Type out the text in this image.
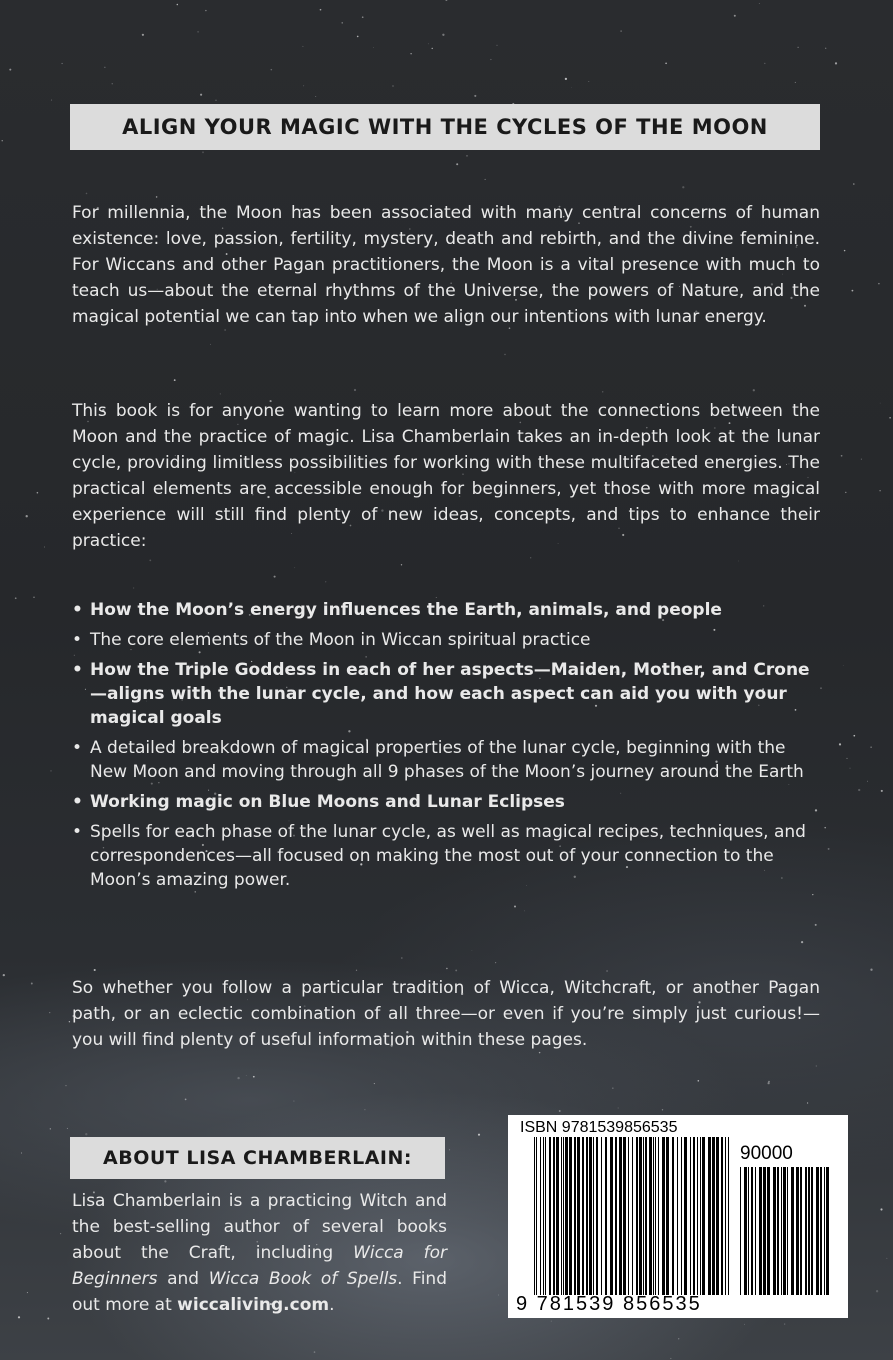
ALIGN YOUR MAGIC WITH THE CYCLES OF THE MOON

For millennia, the Moon has been associated with many central concerns of human existence: love, passion, fertility, mystery, death and rebirth, and the divine feminine. For Wiccans and other Pagan practitioners, the Moon is a vital presence with much to teach us—about the eternal rhythms of the Universe, the powers of Nature, and the magical potential we can tap into when we align our intentions with lunar energy.

This book is for anyone wanting to learn more about the connections between the Moon and the practice of magic. Lisa Chamberlain takes an in-depth look at the lunar cycle, providing limitless possibilities for working with these multifaceted energies. The practical elements are accessible enough for beginners, yet those with more magical experience will still find plenty of new ideas, concepts, and tips to enhance their practice:

• How the Moon’s energy influences the Earth, animals, and people
• The core elements of the Moon in Wiccan spiritual practice
• How the Triple Goddess in each of her aspects—Maiden, Mother, and Crone—aligns with the lunar cycle, and how each aspect can aid you with your magical goals
• A detailed breakdown of magical properties of the lunar cycle, beginning with the New Moon and moving through all 9 phases of the Moon’s journey around the Earth
• Working magic on Blue Moons and Lunar Eclipses
• Spells for each phase of the lunar cycle, as well as magical recipes, techniques, and correspondences—all focused on making the most out of your connection to the Moon’s amazing power.

So whether you follow a particular tradition of Wicca, Witchcraft, or another Pagan path, or an eclectic combination of all three—or even if you’re simply just curious!—you will find plenty of useful information within these pages.

ABOUT LISA CHAMBERLAIN:

Lisa Chamberlain is a practicing Witch and the best-selling author of several books about the Craft, including Wicca for Beginners and Wicca Book of Spells. Find out more at wiccaliving.com.

ISBN 9781539856535
90000
9 781539 856535
